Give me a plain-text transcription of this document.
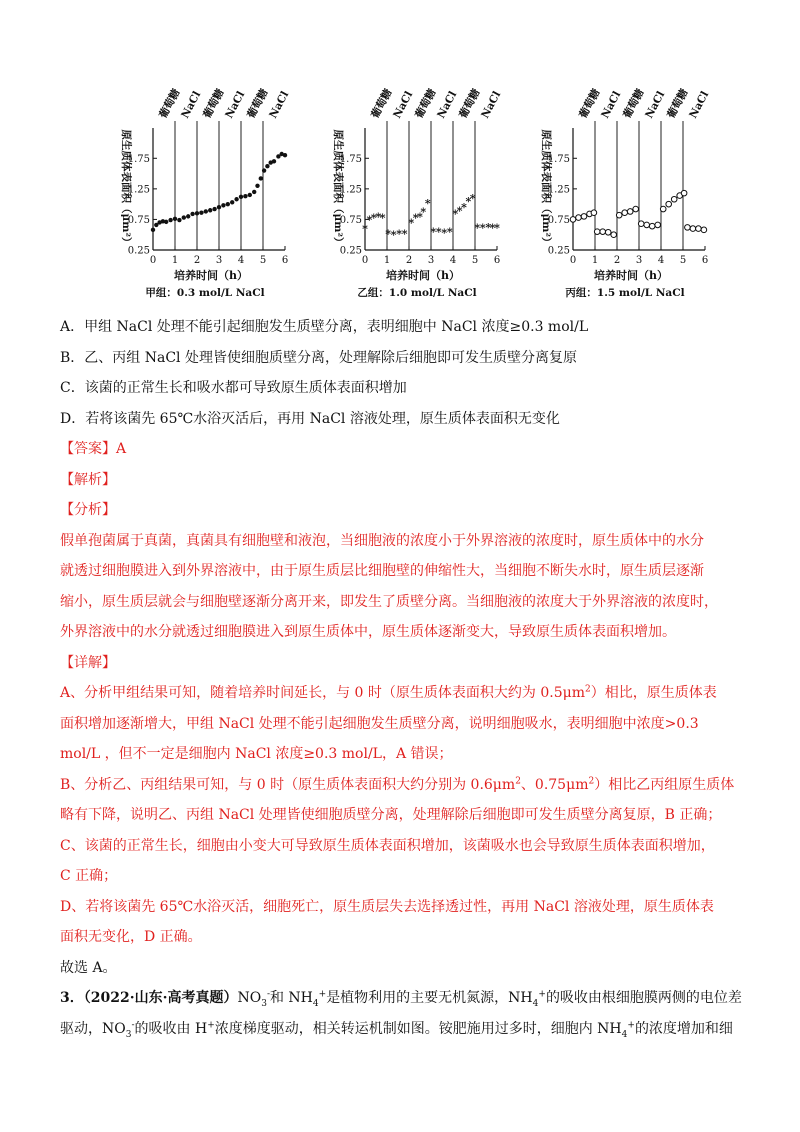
0.25
0.75
1.25
1.75
0 1 2 3 4 5 6
葡萄糖
NaCl
葡萄糖
NaCl
葡萄糖
NaCl
原生质体表面积（μm²）
培养时间（h）
甲组：0.3 mol/L NaCl
0.25
0.75
1.25
1.75
0 1 2 3 4 5 6
葡萄糖
NaCl
葡萄糖
NaCl
葡萄糖
NaCl
原生质体表面积（μm²）
培养时间（h）
乙组：1.0 mol/L NaCl
*
*
*
*
*
* * * *
*
*
*
*
*
* * * *
*
*
*
*
*
* * *
*
*
0.25
0.75
1.25
1.75
0 1 2 3 4 5 6
葡萄糖
NaCl
葡萄糖
NaCl
葡萄糖
NaCl
原生质体表面积（μm²）
培养时间（h）
丙组：1.5 mol/L NaCl

A．甲组 NaCl 处理不能引起细胞发生质壁分离，表明细胞中 NaCl 浓度≥0.3 mol/L

B．乙、丙组 NaCl 处理皆使细胞质壁分离，处理解除后细胞即可发生质壁分离复原

C．该菌的正常生长和吸水都可导致原生质体表面积增加

D．若将该菌先 65℃水浴灭活后，再用 NaCl 溶液处理，原生质体表面积无变化

【答案】A

【解析】

【分析】

假单孢菌属于真菌，真菌具有细胞壁和液泡，当细胞液的浓度小于外界溶液的浓度时，原生质体中的水分

就透过细胞膜进入到外界溶液中，由于原生质层比细胞壁的伸缩性大，当细胞不断失水时，原生质层逐渐

缩小，原生质层就会与细胞壁逐渐分离开来，即发生了质壁分离。当细胞液的浓度大于外界溶液的浓度时，

外界溶液中的水分就透过细胞膜进入到原生质体中，原生质体逐渐变大，导致原生质体表面积增加。

【详解】

A、分析甲组结果可知，随着培养时间延长，与 0 时（原生质体表面积大约为 $0.5\mu m^2$）相比，原生质体表

面积增加逐渐增大，甲组 NaCl 处理不能引起细胞发生质壁分离，说明细胞吸水，表明细胞中浓度>0.3

mol/L ，但不一定是细胞内 NaCl 浓度≥0.3 mol/L，A 错误；

B、分析乙、丙组结果可知，与 0 时（原生质体表面积大约分别为 $0.6\mu m^2$、$0.75\mu m^2$）相比乙丙组原生质体

略有下降，说明乙、丙组 NaCl 处理皆使细胞质壁分离，处理解除后细胞即可发生质壁分离复原，B 正确；

C、该菌的正常生长，细胞由小变大可导致原生质体表面积增加，该菌吸水也会导致原生质体表面积增加，

C 正确；

D、若将该菌先 65℃水浴灭活，细胞死亡，原生质层失去选择透过性，再用 NaCl 溶液处理，原生质体表

面积无变化，D 正确。

故选 A。

3．（2022·山东·高考真题）$NO_3^-$和 $NH_4^+$是植物利用的主要无机氮源，$NH_4^+$的吸收由根细胞膜两侧的电位差

驱动，$NO_3^-$的吸收由 H+浓度梯度驱动，相关转运机制如图。铵肥施用过多时，细胞内 $NH_4^+$的浓度增加和细
